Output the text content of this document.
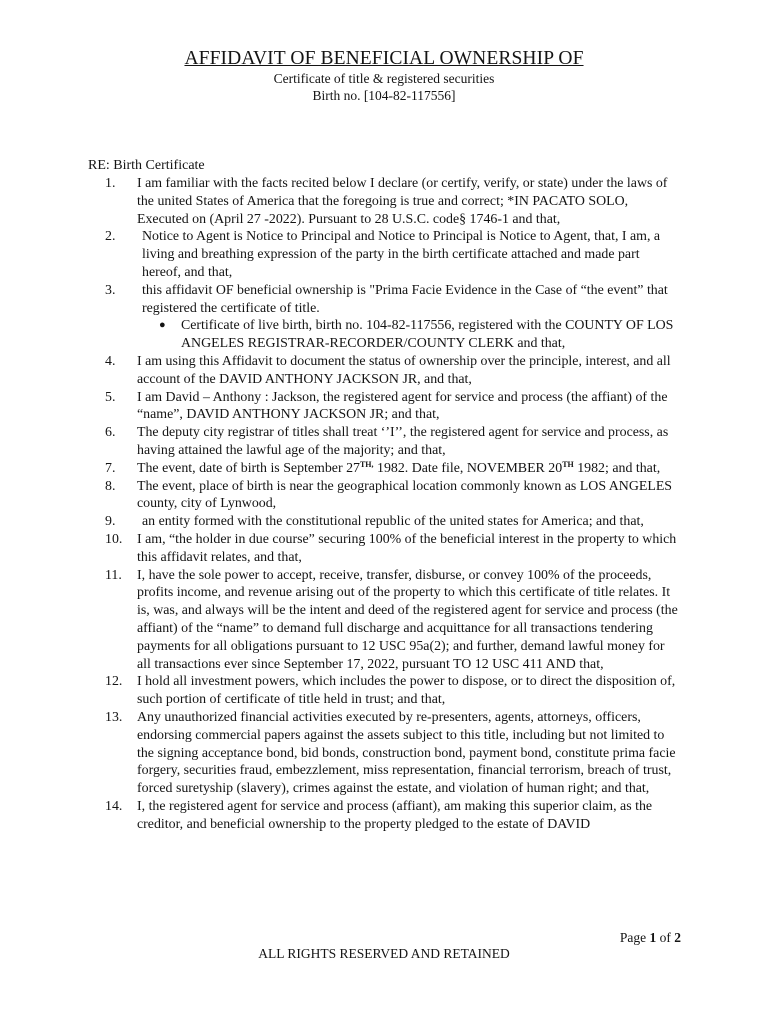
AFFIDAVIT OF BENEFICIAL OWNERSHIP OF
Certificate of title & registered securities
Birth no. [104-82-117556]
RE: Birth Certificate
1.	I am familiar with the facts recited below I declare (or certify, verify, or state) under the laws of the united States of America that the foregoing is true and correct; *IN PACATO SOLO, Executed on (April 27 -2022). Pursuant to 28 U.S.C. code§ 1746-1 and that,
2.	Notice to Agent is Notice to Principal and Notice to Principal is Notice to Agent, that, I am, a living and breathing expression of the party in the birth certificate attached and made part hereof, and that,
3.	this affidavit OF beneficial ownership is "Prima Facie Evidence in the Case of “the event” that registered the certificate of title.
●	Certificate of live birth, birth no. 104-82-117556, registered with the COUNTY OF LOS ANGELES REGISTRAR-RECORDER/COUNTY CLERK and that,
4.	I am using this Affidavit to document the status of ownership over the principle, interest, and all account of the DAVID ANTHONY JACKSON JR, and that,
5.	I am David – Anthony : Jackson, the registered agent for service and process (the affiant) of the “name”, DAVID ANTHONY JACKSON JR; and that,
6.	The deputy city registrar of titles shall treat ‘’I’’, the registered agent for service and process, as having attained the lawful age of the majority; and that,
7.	The event, date of birth is September $27^{TH,}$ 1982. Date file, NOVEMBER 20TH 1982; and that,
8.	The event, place of birth is near the geographical location commonly known as LOS ANGELES county, city of Lynwood,
9.	an entity formed with the constitutional republic of the united states for America; and that,
10.	I am, “the holder in due course” securing 100% of the beneficial interest in the property to which this affidavit relates, and that,
11.	I, have the sole power to accept, receive, transfer, disburse, or convey 100% of the proceeds, profits income, and revenue arising out of the property to which this certificate of title relates. It is, was, and always will be the intent and deed of the registered agent for service and process (the affiant) of the “name” to demand full discharge and acquittance for all transactions tendering payments for all obligations pursuant to 12 USC 95a(2); and further, demand lawful money for all transactions ever since September 17, 2022, pursuant TO 12 USC 411 AND that,
12.	I hold all investment powers, which includes the power to dispose, or to direct the disposition of, such portion of certificate of title held in trust; and that,
13.	Any unauthorized financial activities executed by re-presenters, agents, attorneys, officers, endorsing commercial papers against the assets subject to this title, including but not limited to the signing acceptance bond, bid bonds, construction bond, payment bond, constitute prima facie forgery, securities fraud, embezzlement, miss representation, financial terrorism, breach of trust, forced suretyship (slavery), crimes against the estate, and violation of human right; and that,
14.	I, the registered agent for service and process (affiant), am making this superior claim, as the creditor, and beneficial ownership to the property pledged to the estate of DAVID
Page 1 of 2
ALL RIGHTS RESERVED AND RETAINED
